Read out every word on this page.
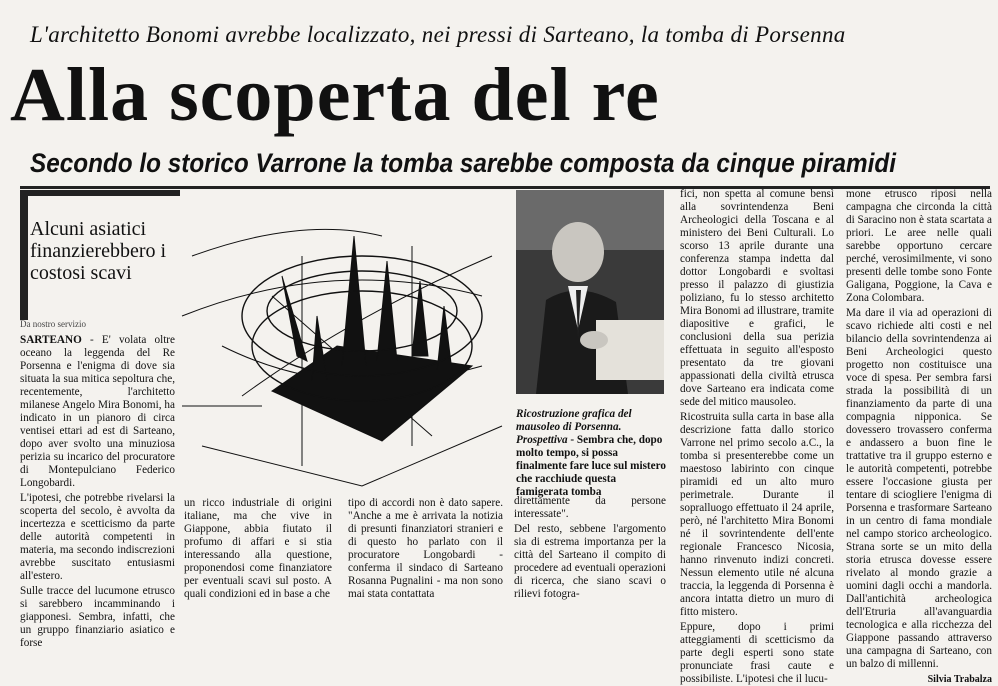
L'architetto Bonomi avrebbe localizzato, nei pressi di Sarteano, la tomba di Porsenna
Alla scoperta del re
Secondo lo storico Varrone la tomba sarebbe composta da cinque piramidi
Alcuni asiatici finanzierebbero i costosi scavi
Da nostro servizio

SARTEANO - E' volata oltre oceano la leggenda del Re Porsenna e l'enigma di dove sia situata la sua mitica sepoltura che, recentemente, l'architetto milanese Angelo Mira Bonomi, ha indicato in un pianoro di circa ventisei ettari ad est di Sarteano, dopo aver svolto una minuziosa perizia su incarico del procuratore di Montepulciano Federico Longobardi.

L'ipotesi, che potrebbe rivelarsi la scoperta del secolo, è avvolta da incertezza e scetticismo da parte delle autorità competenti in materia, ma secondo indiscrezioni avrebbe suscitato entusiasmi all'estero.

Sulle tracce del lucumone etrusco si sarebbero incamminando i giapponesi. Sembra, infatti, che un gruppo finanziario asiatico e forse

Ricostruzione grafica del mausoleo di Porsenna. Prospettiva - Sembra che, dopo molto tempo, si possa finalmente fare luce sul mistero che racchiude questa famigerata tomba

un ricco industriale di origini italiane, ma che vive in Giappone, abbia fiutato il profumo di affari e si stia interessando alla questione, proponendosi come finanziatore per eventuali scavi sul posto. A quali condizioni ed in base a che

tipo di accordi non è dato sapere. "Anche a me è arrivata la notizia di presunti finanziatori stranieri e di questo ho parlato con il procuratore Longobardi - conferma il sindaco di Sarteano Rosanna Pugnalini - ma non sono mai stata contattata

direttamente da persone interessate".

Del resto, sebbene l'argomento sia di estrema importanza per la città del Sarteano il compito di procedere ad eventuali operazioni di ricerca, che siano scavi o rilievi fotogra-

fici, non spetta al comune bensì alla sovrintendenza Beni Archeologici della Toscana e al ministero dei Beni Culturali. Lo scorso 13 aprile durante una conferenza stampa indetta dal dottor Longobardi e svoltasi presso il palazzo di giustizia poliziano, fu lo stesso architetto Mira Bonomi ad illustrare, tramite diapositive e grafici, le conclusioni della sua perizia effettuata in seguito all'esposto presentato da tre giovani appassionati della civiltà etrusca dove Sarteano era indicata come sede del mitico mausoleo.

Ricostruita sulla carta in base alla descrizione fatta dallo storico Varrone nel primo secolo a.C., la tomba si presenterebbe come un maestoso labirinto con cinque piramidi ed un alto muro perimetrale. Durante il sopralluogo effettuato il 24 aprile, però, né l'architetto Mira Bonomi né il sovrintendente dell'ente regionale Francesco Nicosia, hanno rinvenuto indizi concreti. Nessun elemento utile né alcuna traccia, la leggenda di Porsenna è ancora intatta dietro un muro di fitto mistero.

Eppure, dopo i primi atteggiamenti di scetticismo da parte degli esperti sono state pronunciate frasi caute e possibiliste. L'ipotesi che il lucu-

mone etrusco riposi nella campagna che circonda la città di Saracino non è stata scartata a priori. Le aree nelle quali sarebbe opportuno cercare perché, verosimilmente, vi sono presenti delle tombe sono Fonte Galigana, Poggione, la Cava e Zona Colombara.

Ma dare il via ad operazioni di scavo richiede alti costi e nel bilancio della sovrintendenza ai Beni Archeologici questo progetto non costituisce una voce di spesa. Per sembra farsi strada la possibilità di un finanziamento da parte di una compagnia nipponica. Se dovessero trovassero conferma e andassero a buon fine le trattative tra il gruppo esterno e le autorità competenti, potrebbe essere l'occasione giusta per tentare di sciogliere l'enigma di Porsenna e trasformare Sarteano in un centro di fama mondiale nel campo storico archeologico. Strana sorte se un mito della storia etrusca dovesse essere rivelato al mondo grazie a uomini dagli occhi a mandorla. Dall'antichità archeologica dell'Etruria all'avanguardia tecnologica e alla ricchezza del Giappone passando attraverso una campagna di Sarteano, con un balzo di millenni.

Silvia Trabalza
